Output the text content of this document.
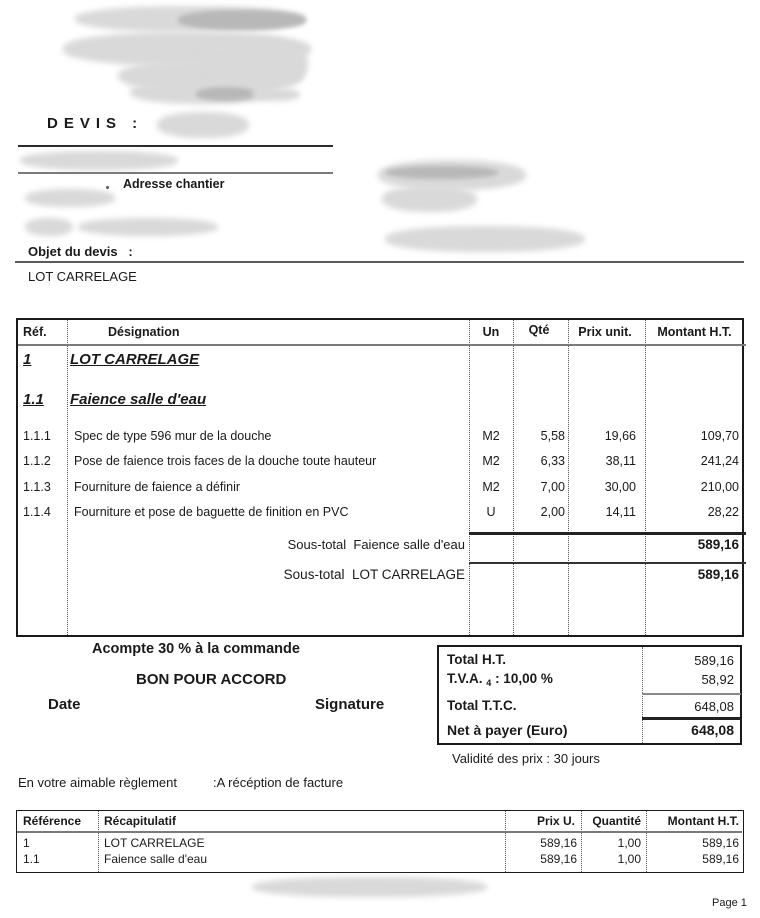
DEVIS :
Adresse chantier
Objet du devis   :
LOT CARRELAGE
Réf.	Désignation	Un	Qté	Prix unit.	Montant H.T.
1	LOT CARRELAGE
1.1 Faience salle d'eau
1.1.1 Spec de type 596 mur de la douche	M2	5,58	19,66	109,70
1.1.2 Pose de faience trois faces de la douche toute hauteur	M2	6,33	38,11	241,24
1.1.3 Fourniture de faience a définir	M2	7,00	30,00	210,00
1.1.4 Fourniture et pose de baguette de finition en PVC	U	2,00	14,11	28,22
Sous-total  Faience salle d'eau	589,16
Sous-total  LOT CARRELAGE	589,16
Acompte 30 % à la commande
BON POUR ACCORD
Date	Signature
Total H.T.	589,16
T.V.A. $_4$ : 10,00 %	58,92
Total T.T.C.	648,08
Net à payer (Euro)	648,08
Validité des prix : 30 jours
En votre aimable règlement	:A récéption de facture
Référence Récapitulatif	Prix U.	Quantité	Montant H.T.
1	LOT CARRELAGE	589,16	1,00	589,16
1.1	Faience salle d'eau	589,16	1,00	589,16
Page 1
